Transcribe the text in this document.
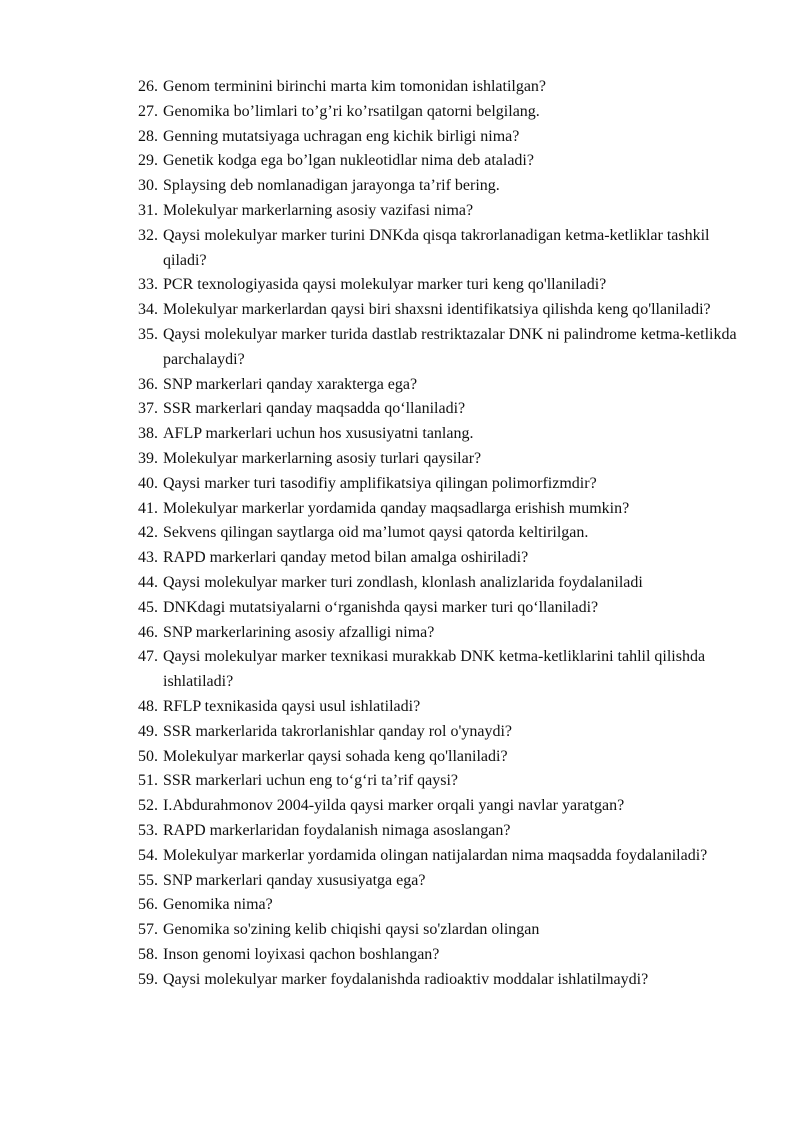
26. Genom terminini birinchi marta kim tomonidan ishlatilgan?
27. Genomika bo’limlari to’g’ri ko’rsatilgan qatorni belgilang.
28. Genning mutatsiyaga uchragan eng kichik birligi nima?
29. Genetik kodga ega bo’lgan nukleotidlar nima deb ataladi?
30. Splaysing deb nomlanadigan jarayonga ta’rif bering.
31. Molekulyar markerlarning asosiy vazifasi nima?
32. Qaysi molekulyar marker turini DNKda qisqa takrorlanadigan ketma-ketliklar tashkil qiladi?
33. PCR texnologiyasida qaysi molekulyar marker turi keng qo'llaniladi?
34. Molekulyar markerlardan qaysi biri shaxsni identifikatsiya qilishda keng qo'llaniladi?
35. Qaysi molekulyar marker turida dastlab restriktazalar DNK ni palindrome ketma-ketlikda parchalaydi?
36. SNP markerlari qanday xarakterga ega?
37. SSR markerlari qanday maqsadda qo‘llaniladi?
38. AFLP markerlari uchun hos xususiyatni tanlang.
39. Molekulyar markerlarning asosiy turlari qaysilar?
40. Qaysi marker turi tasodifiy amplifikatsiya qilingan polimorfizmdir?
41. Molekulyar markerlar yordamida qanday maqsadlarga erishish mumkin?
42. Sekvens qilingan saytlarga oid ma’lumot qaysi qatorda keltirilgan.
43. RAPD markerlari qanday metod bilan amalga oshiriladi?
44. Qaysi molekulyar marker turi zondlash, klonlash analizlarida foydalaniladi
45. DNKdagi mutatsiyalarni o‘rganishda qaysi marker turi qo‘llaniladi?
46. SNP markerlarining asosiy afzalligi nima?
47. Qaysi molekulyar marker texnikasi murakkab DNK ketma-ketliklarini tahlil qilishda ishlatiladi?
48. RFLP texnikasida qaysi usul ishlatiladi?
49. SSR markerlarida takrorlanishlar qanday rol o'ynaydi?
50. Molekulyar markerlar qaysi sohada keng qo'llaniladi?
51. SSR markerlari uchun eng to‘g‘ri ta’rif qaysi?
52. I.Abdurahmonov 2004-yilda qaysi marker orqali yangi navlar yaratgan?
53. RAPD markerlaridan foydalanish nimaga asoslangan?
54. Molekulyar markerlar yordamida olingan natijalardan nima maqsadda foydalaniladi?
55. SNP markerlari qanday xususiyatga ega?
56. Genomika nima?
57. Genomika so'zining kelib chiqishi qaysi so'zlardan olingan
58. Inson genomi loyixasi qachon boshlangan?
59. Qaysi molekulyar marker foydalanishda radioaktiv moddalar ishlatilmaydi?
